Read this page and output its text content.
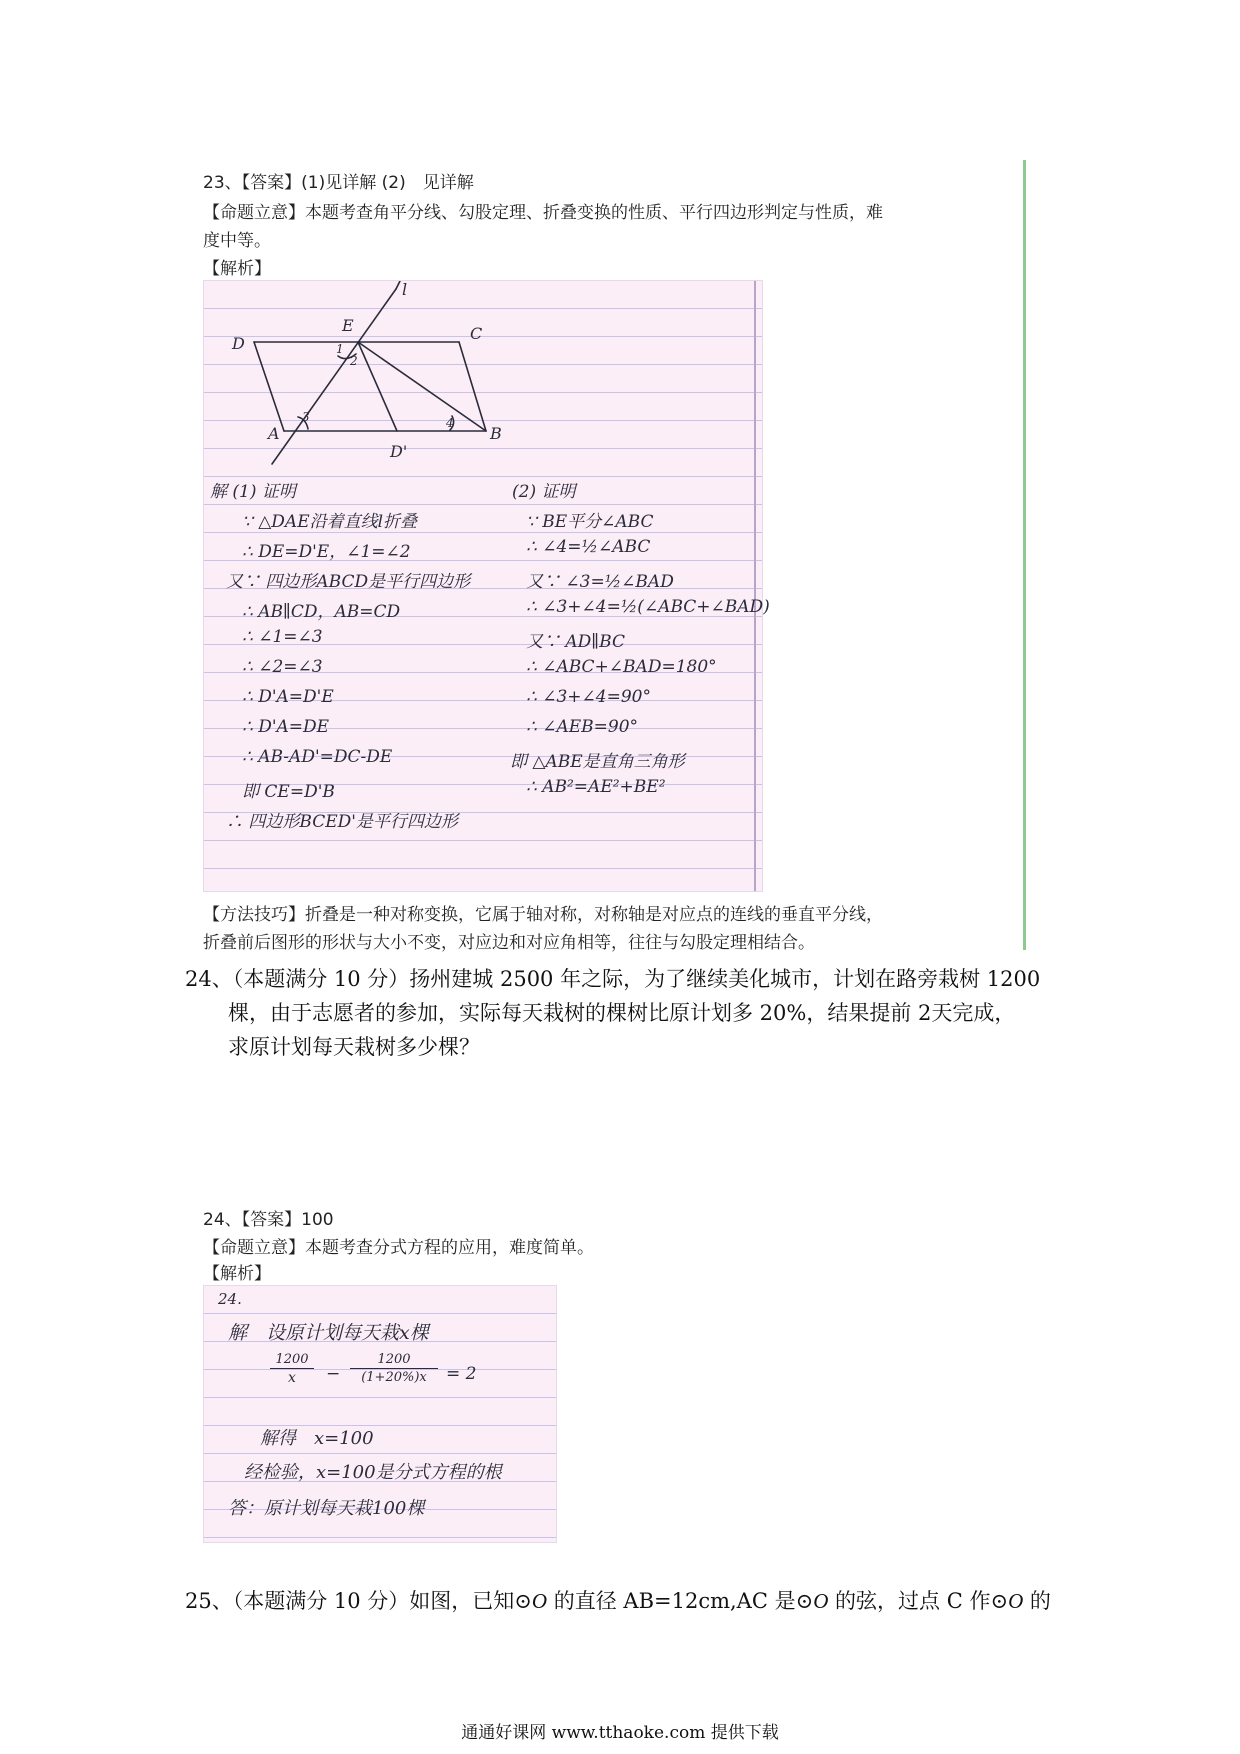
23、【答案】(1)见详解 (2)　见详解
【命题立意】本题考查角平分线、勾股定理、折叠变换的性质、平行四边形判定与性质，难
度中等。
【解析】
D
E	C
A
D'
B
l
1
2
3	4
解 (1) 证明
∵ △DAE沿着直线l折叠
∴ DE=D'E，∠1=∠2
又∵ 四边形ABCD是平行四边形
∴ AB∥CD，AB=CD
∴ ∠1=∠3
∴ ∠2=∠3
∴ D'A=D'E
∴ D'A=DE
∴ AB-AD'=DC-DE
即 CE=D'B
∴ 四边形BCED'是平行四边形
(2) 证明
∵ BE平分∠ABC
∴ ∠4=½∠ABC
又∵ ∠3=½∠BAD
∴ ∠3+∠4=½(∠ABC+∠BAD)
又∵ AD∥BC
∴ ∠ABC+∠BAD=180°
∴ ∠3+∠4=90°
∴ ∠AEB=90°
即 △ABE是直角三角形
∴ AB²=AE²+BE²
【方法技巧】折叠是一种对称变换，它属于轴对称，对称轴是对应点的连线的垂直平分线，
折叠前后图形的形状与大小不变，对应边和对应角相等，往往与勾股定理相结合。
24、（本题满分 10 分）扬州建城 2500 年之际，为了继续美化城市，计划在路旁栽树 1200
棵，由于志愿者的参加，实际每天栽树的棵树比原计划多 20%，结果提前 2天完成，
求原计划每天栽树多少棵？
24、【答案】100
【命题立意】本题考查分式方程的应用，难度简单。
【解析】
24.
解　设原计划每天栽x棵
1200
x	−
1200
(1+20%)x	= 2
解得　x=100
经检验，x=100是分式方程的根
答：原计划每天栽100棵
25、（本题满分 10 分）如图，已知⊙O 的直径 AB=12cm,AC 是⊙O 的弦，过点 C 作⊙O 的
通通好课网 www.tthaoke.com 提供下载
